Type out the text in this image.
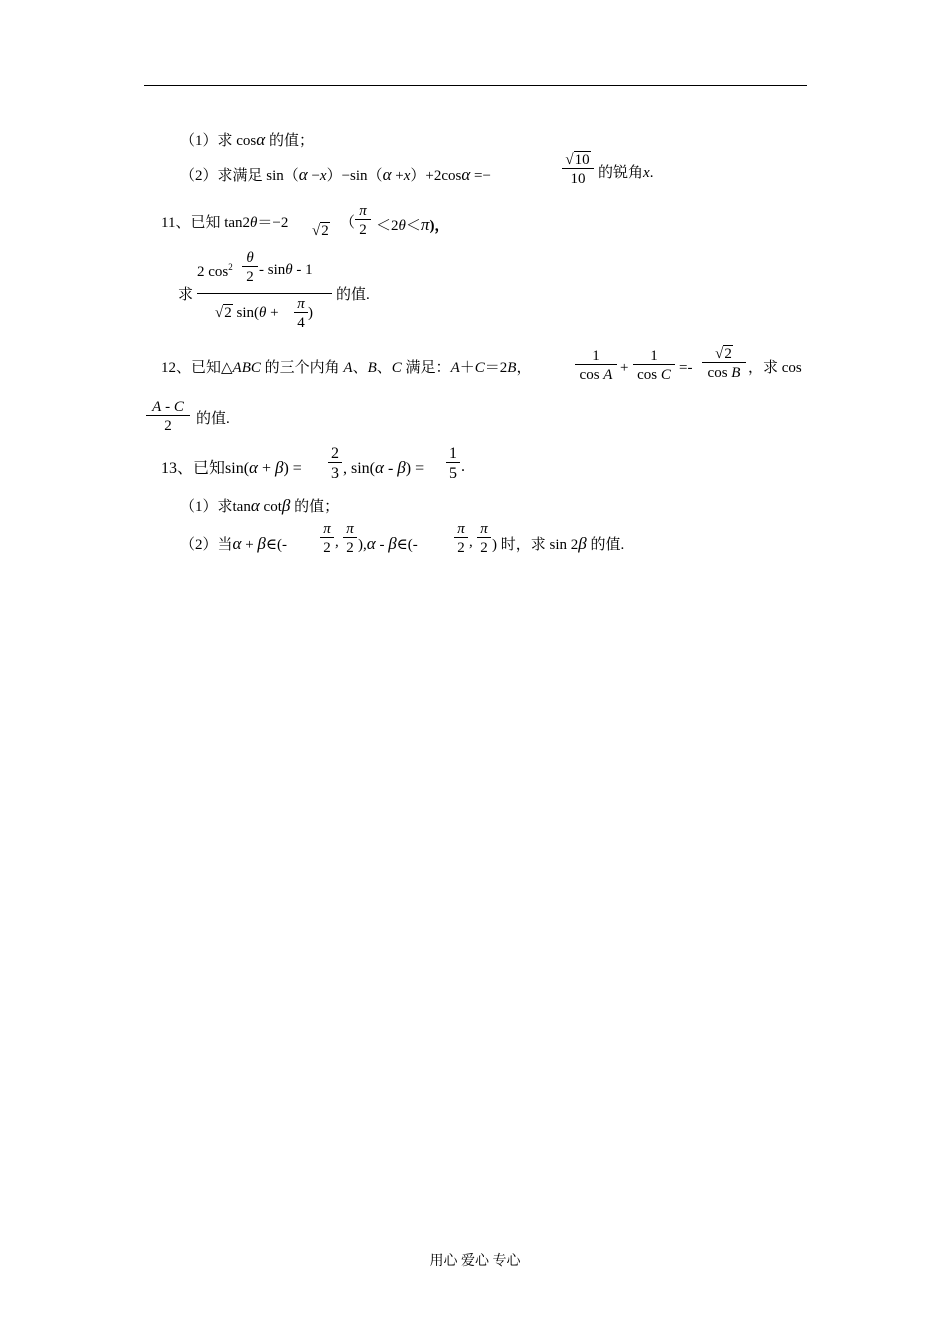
（1）求 cosα 的值；
（2）求满足 sin（α −x）−sin（α +x）+2cosα =−	$\frac{√10}{10}$ 的锐角x.
11、已知 tan2θ＝−2 √2 （ $\frac{\pi}{2} <2\theta<\pi$)，
求
2 $\cos^2 \frac{\theta}{2}$ - sinθ - 1
√2 $\sin(\theta + \frac{\pi}{4}$ )
的值.
12、已知△ABC 的三个内角 A、B、C 满足：A＋C＝2B，	$\frac{1}{\text{cos A}} + \frac{1}{\text{cos C}} =- \frac{√2}{\text{cos B}}$ ，求 cos
$\frac{A - C}{2}$ 的值.
13、已知$\sin(\alpha + \beta) = \frac{2}{3}$ , $\sin(\alpha - \beta) = \frac{1}{5}$ .
（1）求tanα cotβ 的值；
（2）当α + β∈(- $\frac{\pi}{2}$ , $\frac{\pi}{2} ),\alpha$ - β∈(- $\frac{\pi}{2}$ , $\frac{\pi}{2}$ ) 时，求 sin 2β 的值.
用心 爱心 专心
